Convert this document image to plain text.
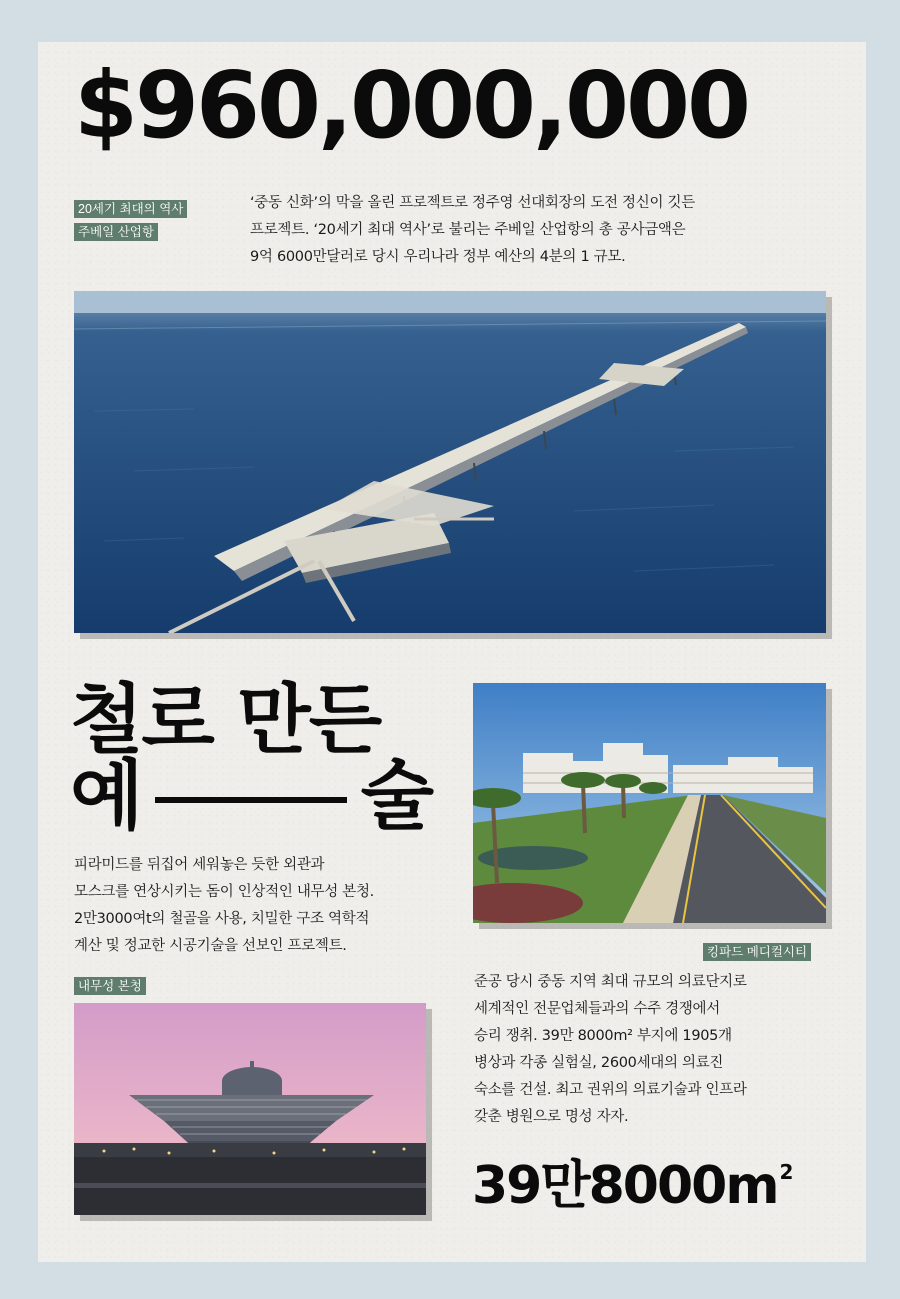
$960,000,000
20세기 최대의 역사
주베일 산업항
‘중동 신화’의 막을 올린 프로젝트로 정주영 선대회장의 도전 정신이 깃든
프로젝트. ‘20세기 최대 역사’로 불리는 주베일 산업항의 총 공사금액은
9억 6000만달러로 당시 우리나라 정부 예산의 4분의 1 규모.
철로 만든
예	술
피라미드를 뒤집어 세워놓은 듯한 외관과
모스크를 연상시키는 돔이 인상적인 내무성 본청.
2만3000여t의 철골을 사용, 치밀한 구조 역학적
계산 및 정교한 시공기술을 선보인 프로젝트.
내무성 본청
킹파드 메디컬시티
준공 당시 중동 지역 최대 규모의 의료단지로
세계적인 전문업체들과의 수주 경쟁에서
승리 쟁취. 39만 8000m² 부지에 1905개
병상과 각종 실험실, 2600세대의 의료진
숙소를 건설. 최고 권위의 의료기술과 인프라
갖춘 병원으로 명성 자자.
39만8000m $^2$
